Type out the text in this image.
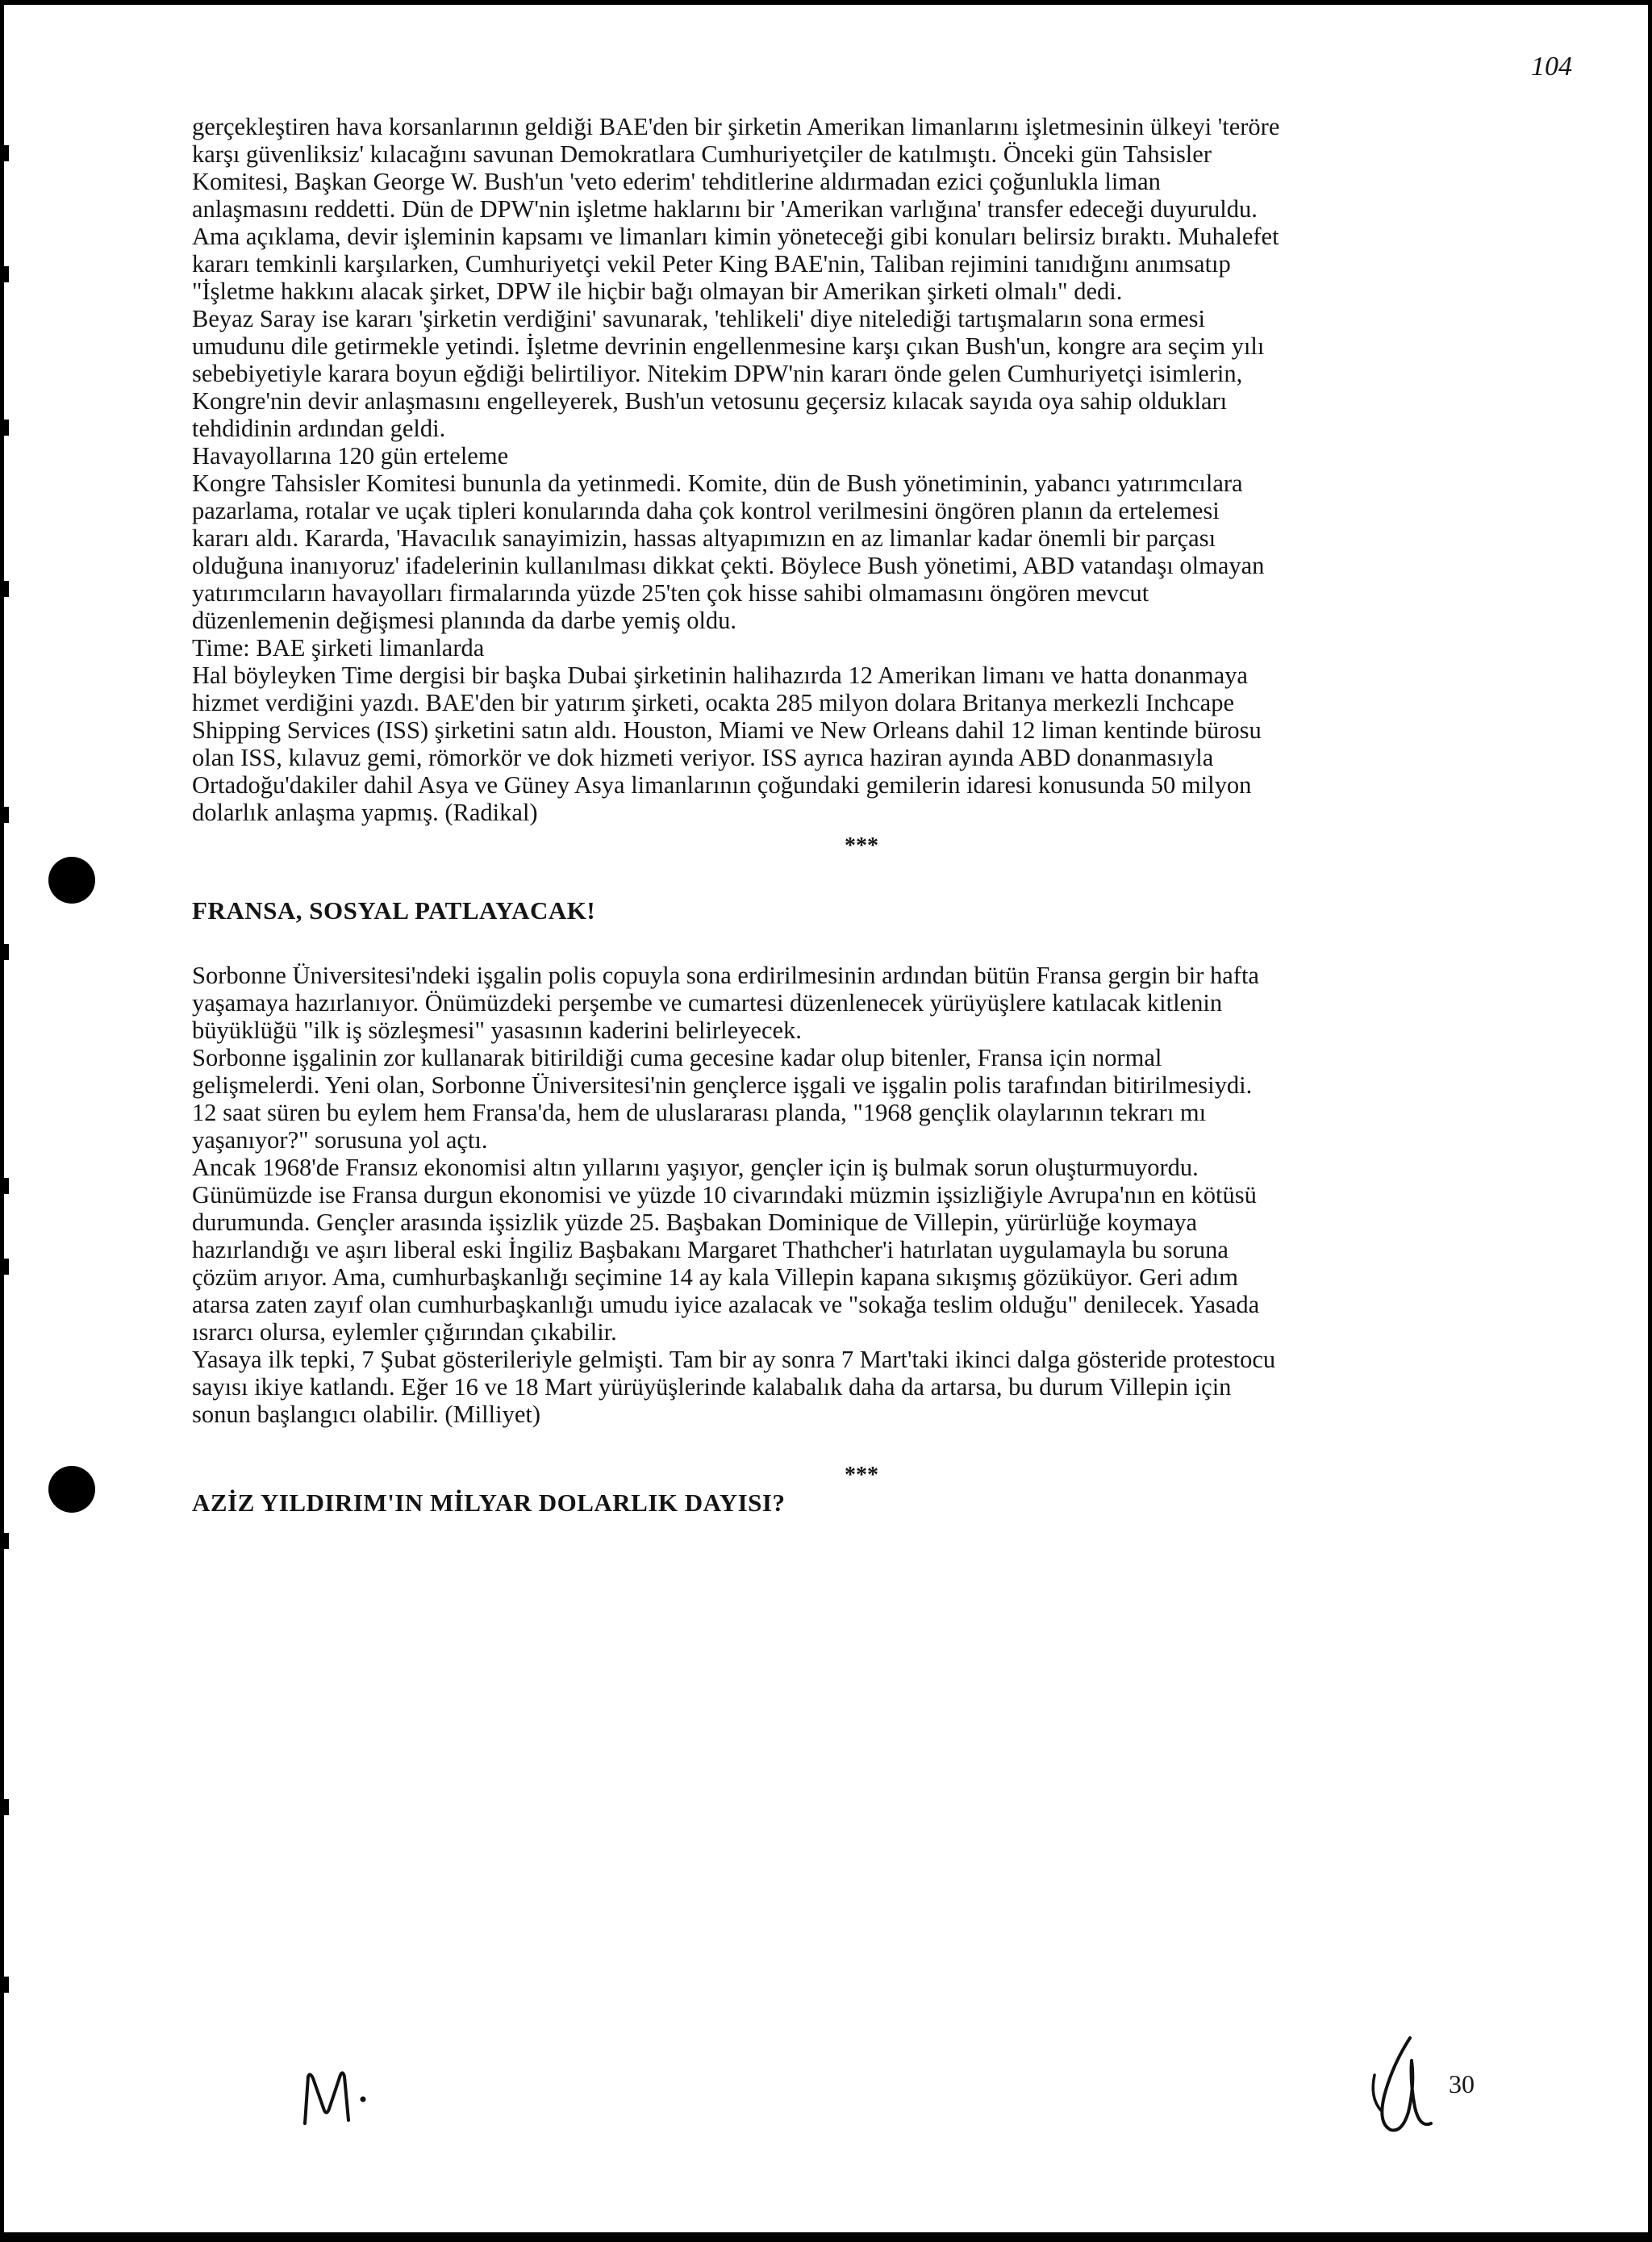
104
gerçekleştiren hava korsanlarının geldiği BAE'den bir şirketin Amerikan limanlarını işletmesinin ülkeyi 'teröre
karşı güvenliksiz' kılacağını savunan Demokratlara Cumhuriyetçiler de katılmıştı. Önceki gün Tahsisler
Komitesi, Başkan George W. Bush'un 'veto ederim' tehditlerine aldırmadan ezici çoğunlukla liman
anlaşmasını reddetti. Dün de DPW'nin işletme haklarını bir 'Amerikan varlığına' transfer edeceği duyuruldu.
Ama açıklama, devir işleminin kapsamı ve limanları kimin yöneteceği gibi konuları belirsiz bıraktı. Muhalefet
kararı temkinli karşılarken, Cumhuriyetçi vekil Peter King BAE'nin, Taliban rejimini tanıdığını anımsatıp
"İşletme hakkını alacak şirket, DPW ile hiçbir bağı olmayan bir Amerikan şirketi olmalı" dedi.
Beyaz Saray ise kararı 'şirketin verdiğini' savunarak, 'tehlikeli' diye nitelediği tartışmaların sona ermesi
umudunu dile getirmekle yetindi. İşletme devrinin engellenmesine karşı çıkan Bush'un, kongre ara seçim yılı
sebebiyetiyle karara boyun eğdiği belirtiliyor. Nitekim DPW'nin kararı önde gelen Cumhuriyetçi isimlerin,
Kongre'nin devir anlaşmasını engelleyerek, Bush'un vetosunu geçersiz kılacak sayıda oya sahip oldukları
tehdidinin ardından geldi.
Havayollarına 120 gün erteleme
Kongre Tahsisler Komitesi bununla da yetinmedi. Komite, dün de Bush yönetiminin, yabancı yatırımcılara
pazarlama, rotalar ve uçak tipleri konularında daha çok kontrol verilmesini öngören planın da ertelemesi
kararı aldı. Kararda, 'Havacılık sanayimizin, hassas altyapımızın en az limanlar kadar önemli bir parçası
olduğuna inanıyoruz' ifadelerinin kullanılması dikkat çekti. Böylece Bush yönetimi, ABD vatandaşı olmayan
yatırımcıların havayolları firmalarında yüzde 25'ten çok hisse sahibi olmamasını öngören mevcut
düzenlemenin değişmesi planında da darbe yemiş oldu.
Time: BAE şirketi limanlarda
Hal böyleyken Time dergisi bir başka Dubai şirketinin halihazırda 12 Amerikan limanı ve hatta donanmaya
hizmet verdiğini yazdı. BAE'den bir yatırım şirketi, ocakta 285 milyon dolara Britanya merkezli Inchcape
Shipping Services (ISS) şirketini satın aldı. Houston, Miami ve New Orleans dahil 12 liman kentinde bürosu
olan ISS, kılavuz gemi, römorkör ve dok hizmeti veriyor. ISS ayrıca haziran ayında ABD donanmasıyla
Ortadoğu'dakiler dahil Asya ve Güney Asya limanlarının çoğundaki gemilerin idaresi konusunda 50 milyon
dolarlık anlaşma yapmış. (Radikal)
***
FRANSA, SOSYAL PATLAYACAK!
Sorbonne Üniversitesi'ndeki işgalin polis copuyla sona erdirilmesinin ardından bütün Fransa gergin bir hafta
yaşamaya hazırlanıyor. Önümüzdeki perşembe ve cumartesi düzenlenecek yürüyüşlere katılacak kitlenin
büyüklüğü "ilk iş sözleşmesi" yasasının kaderini belirleyecek.
Sorbonne işgalinin zor kullanarak bitirildiği cuma gecesine kadar olup bitenler, Fransa için normal
gelişmelerdi. Yeni olan, Sorbonne Üniversitesi'nin gençlerce işgali ve işgalin polis tarafından bitirilmesiydi.
12 saat süren bu eylem hem Fransa'da, hem de uluslararası planda, "1968 gençlik olaylarının tekrarı mı
yaşanıyor?" sorusuna yol açtı.
Ancak 1968'de Fransız ekonomisi altın yıllarını yaşıyor, gençler için iş bulmak sorun oluşturmuyordu.
Günümüzde ise Fransa durgun ekonomisi ve yüzde 10 civarındaki müzmin işsizliğiyle Avrupa'nın en kötüsü
durumunda. Gençler arasında işsizlik yüzde 25. Başbakan Dominique de Villepin, yürürlüğe koymaya
hazırlandığı ve aşırı liberal eski İngiliz Başbakanı Margaret Thathcher'i hatırlatan uygulamayla bu soruna
çözüm arıyor. Ama, cumhurbaşkanlığı seçimine 14 ay kala Villepin kapana sıkışmış gözüküyor. Geri adım
atarsa zaten zayıf olan cumhurbaşkanlığı umudu iyice azalacak ve "sokağa teslim olduğu" denilecek. Yasada
ısrarcı olursa, eylemler çığırından çıkabilir.
Yasaya ilk tepki, 7 Şubat gösterileriyle gelmişti. Tam bir ay sonra 7 Mart'taki ikinci dalga gösteride protestocu
sayısı ikiye katlandı. Eğer 16 ve 18 Mart yürüyüşlerinde kalabalık daha da artarsa, bu durum Villepin için
sonun başlangıcı olabilir. (Milliyet)
***
AZİZ YILDIRIM'IN MİLYAR DOLARLIK DAYISI?
30
